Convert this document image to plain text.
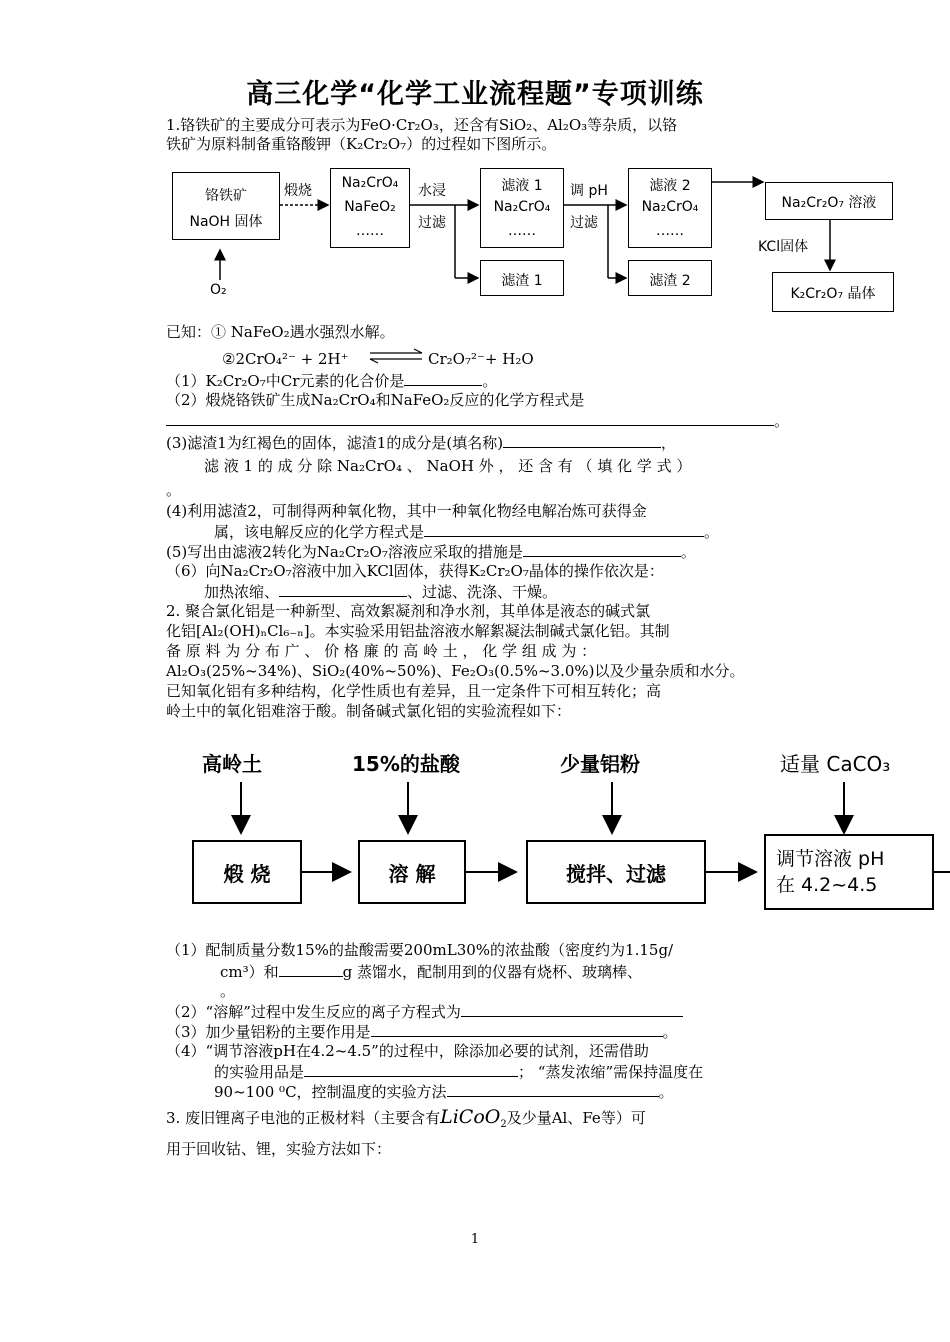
高三化学“化学工业流程题”专项训练
1.铬铁矿的主要成分可表示为FeO·Cr₂O₃，还含有SiO₂、Al₂O₃等杂质，以铬
铁矿为原料制备重铬酸钾（K₂Cr₂O₇）的过程如下图所示。
铬铁矿
NaOH 固体
O₂
煅烧	Na₂CrO₄
NaFeO₂
……
水浸
过滤
滤液 1
Na₂CrO₄
……
滤渣 1
调 pH
过滤
滤液 2
Na₂CrO₄
……
滤渣 2
Na₂Cr₂O₇ 溶液
KCl固体
K₂Cr₂O₇ 晶体
已知：① NaFeO₂遇水强烈水解。
②2CrO₄²⁻ + 2H⁺ ⇌ Cr₂O₇²⁻+ H₂O
（1）K₂Cr₂O₇中Cr元素的化合价是	。
（2）煅烧铬铁矿生成Na₂CrO₄和NaFeO₂反应的化学方程式是
。
(3)滤渣1为红褐色的固体，滤渣1的成分是(填名称)	，
滤 液 1 的 成 分 除 Na₂CrO₄ 、 NaOH 外 ， 还 含 有 （ 填 化 学 式 ）
。
(4)利用滤渣2，可制得两种氧化物，其中一种氧化物经电解冶炼可获得金
属，该电解反应的化学方程式是	。
(5)写出由滤液2转化为Na₂Cr₂O₇溶液应采取的措施是	。
（6）向Na₂Cr₂O₇溶液中加入KCl固体，获得K₂Cr₂O₇晶体的操作依次是：
加热浓缩、	、过滤、洗涤、干燥。
2. 聚合氯化铝是一种新型、高效絮凝剂和净水剂，其单体是液态的碱式氯
化铝[Al₂(OH)ₙCl₆₋ₙ]。本实验采用铝盐溶液水解絮凝法制碱式氯化铝。其制
备 原 料 为 分 布 广 、 价 格 廉 的 高 岭 土 ， 化 学 组 成 为 ：
Al₂O₃(25%~34%)、SiO₂(40%~50%)、Fe₂O₃(0.5%~3.0%)以及少量杂质和水分。
已知氧化铝有多种结构，化学性质也有差异，且一定条件下可相互转化；高
岭土中的氧化铝难溶于酸。制备碱式氯化铝的实验流程如下：
高岭土	15%的盐酸	少量铝粉	适量 CaCO₃
煅 烧	溶 解	搅拌、过滤
调节溶液 pH
在 4.2~4.5
（1）配制质量分数15%的盐酸需要200mL30%的浓盐酸（密度约为1.15g/
cm³）和	g 蒸馏水，配制用到的仪器有烧杯、玻璃棒、
。
（2）“溶解”过程中发生反应的离子方程式为
（3）加少量铝粉的主要作用是	。
（4）“调节溶液pH在4.2~4.5”的过程中，除添加必要的试剂，还需借助
的实验用品是	； “蒸发浓缩”需保持温度在
90~100 ⁰C，控制温度的实验方法	。
3. 废旧锂离子电池的正极材料（主要含有LiCoO$_2$及少量Al、Fe等）可
用于回收钴、锂，实验方法如下：
1
